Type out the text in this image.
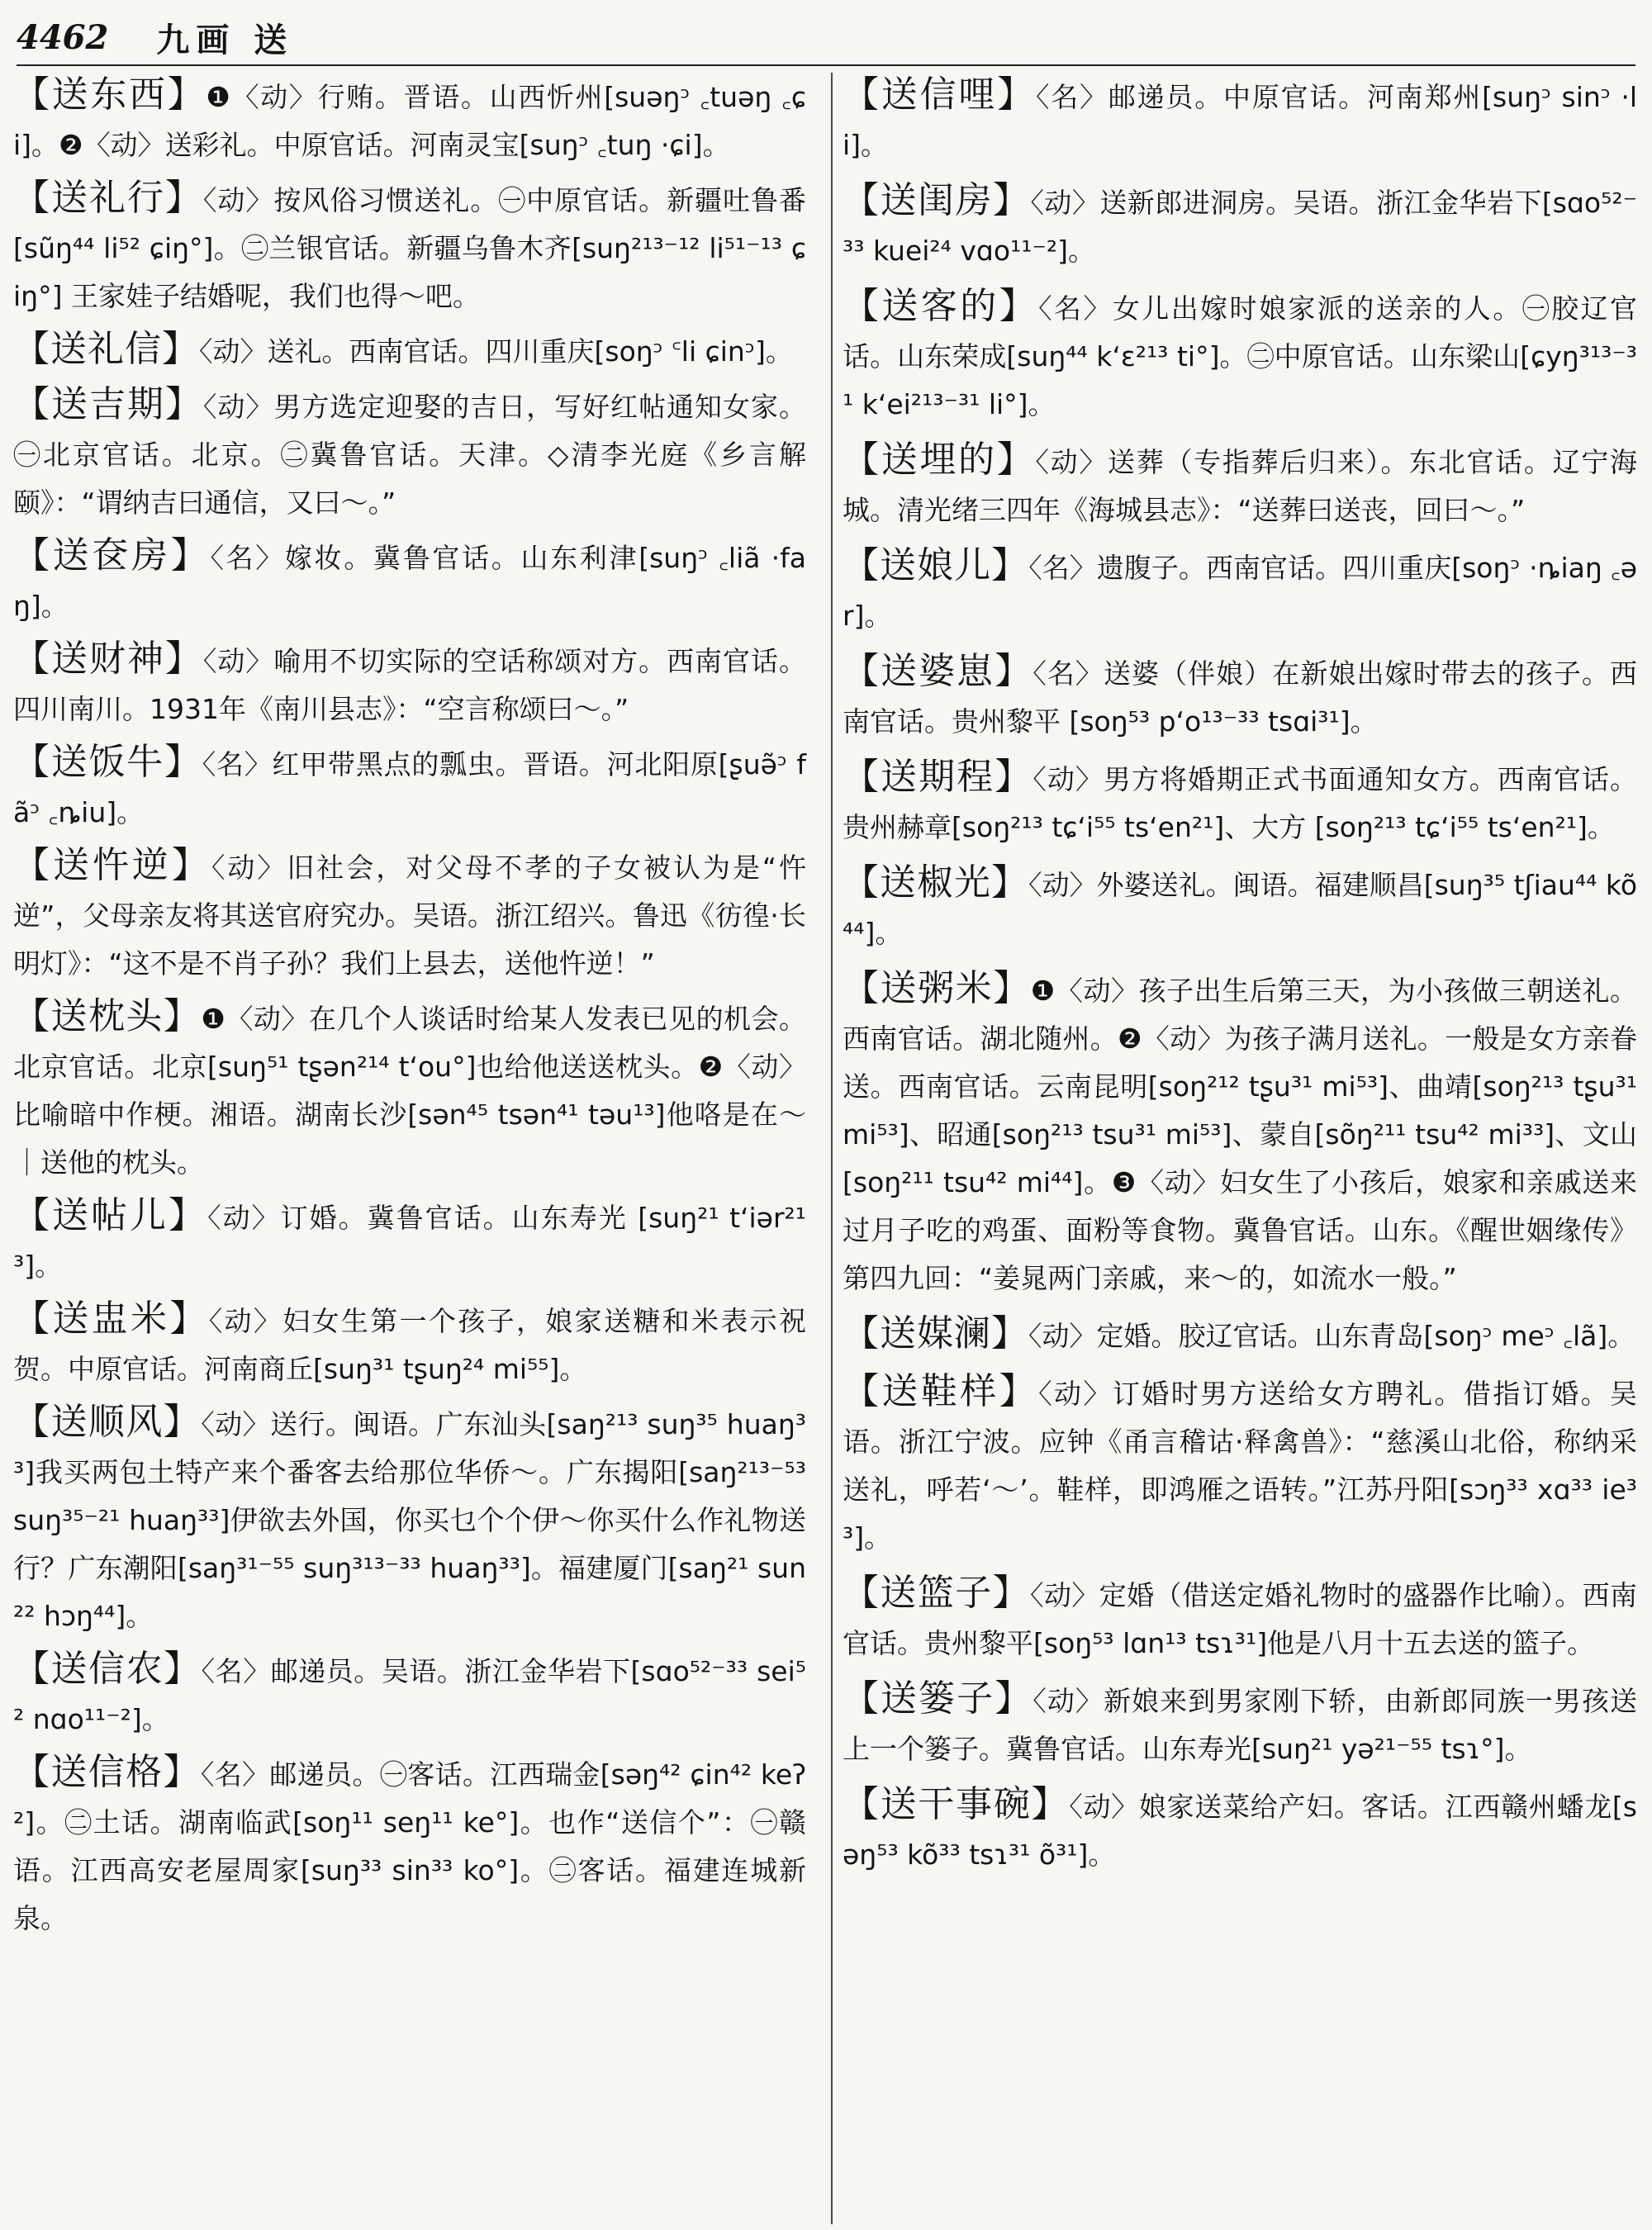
4462 九画 送
【送东西】❶〈动〉行贿。晋语。山西忻州[suəŋᵓ ꜀tuəŋ ꜀ɕi]。❷〈动〉送彩礼。中原官话。河南灵宝[suŋᵓ ꜀tuŋ ·ɕi]。
【送礼行】〈动〉按风俗习惯送礼。㊀中原官话。新疆吐鲁番[sũŋ⁴⁴ li⁵² ɕiŋ°]。㊁兰银官话。新疆乌鲁木齐[suŋ²¹³⁻¹² li⁵¹⁻¹³ ɕiŋ°] 王家娃子结婚呢，我们也得～吧。
【送礼信】〈动〉送礼。西南官话。四川重庆[soŋᵓ ꜂li ɕinᵓ]。
【送吉期】〈动〉男方选定迎娶的吉日，写好红帖通知女家。㊀北京官话。北京。㊁冀鲁官话。天津。◇清李光庭《乡言解颐》：“谓纳吉曰通信，又曰～。”
【送奁房】〈名〉嫁妆。冀鲁官话。山东利津[suŋᵓ ꜀liã ·faŋ]。
【送财神】〈动〉喻用不切实际的空话称颂对方。西南官话。四川南川。1931年《南川县志》：“空言称颂曰～。”
【送饭牛】〈名〉红甲带黑点的瓢虫。晋语。河北阳原[ʂuə̃ᵓ fãᵓ ꜀ȵiu]。
【送忤逆】〈动〉旧社会，对父母不孝的子女被认为是“忤逆”，父母亲友将其送官府究办。吴语。浙江绍兴。鲁迅《彷徨·长明灯》：“这不是不肖子孙？我们上县去，送他忤逆！”
【送枕头】❶〈动〉在几个人谈话时给某人发表已见的机会。北京官话。北京[suŋ⁵¹ tʂən²¹⁴ tʻou°]也给他送送枕头。❷〈动〉比喻暗中作梗。湘语。湖南长沙[sən⁴⁵ tsən⁴¹ təu¹³]他咯是在～｜送他的枕头。
【送帖儿】〈动〉订婚。冀鲁官话。山东寿光 [suŋ²¹ tʻiər²¹³]。
【送盅米】〈动〉妇女生第一个孩子，娘家送糖和米表示祝贺。中原官话。河南商丘[suŋ³¹ tʂuŋ²⁴ mi⁵⁵]。
【送顺风】〈动〉送行。闽语。广东汕头[saŋ²¹³ suŋ³⁵ huaŋ³³]我买两包土特产来个番客去给那位华侨～。广东揭阳[saŋ²¹³⁻⁵³ suŋ³⁵⁻²¹ huaŋ³³]伊欲去外国，你买乜个个伊～你买什么作礼物送行？广东潮阳[saŋ³¹⁻⁵⁵ suŋ³¹³⁻³³ huaŋ³³]。福建厦门[saŋ²¹ sun²² hɔŋ⁴⁴]。
【送信农】〈名〉邮递员。吴语。浙江金华岩下[sɑo⁵²⁻³³ sei⁵² nɑo¹¹⁻²]。
【送信格】〈名〉邮递员。㊀客话。江西瑞金[səŋ⁴² ɕin⁴² keʔ²]。㊁土话。湖南临武[soŋ¹¹ seŋ¹¹ ke°]。也作“送信个”：㊀赣语。江西高安老屋周家[suŋ³³ sin³³ ko°]。㊁客话。福建连城新泉。
【送信哩】〈名〉邮递员。中原官话。河南郑州[suŋᵓ sinᵓ ·li]。
【送闺房】〈动〉送新郎进洞房。吴语。浙江金华岩下[sɑo⁵²⁻³³ kuei²⁴ vɑo¹¹⁻²]。
【送客的】〈名〉女儿出嫁时娘家派的送亲的人。㊀胶辽官话。山东荣成[suŋ⁴⁴ kʻɛ²¹³ ti°]。㊁中原官话。山东梁山[ɕyŋ³¹³⁻³¹ kʻei²¹³⁻³¹ li°]。
【送埋的】〈动〉送葬（专指葬后归来）。东北官话。辽宁海城。清光绪三四年《海城县志》：“送葬曰送丧，回曰～。”
【送娘儿】〈名〉遗腹子。西南官话。四川重庆[soŋᵓ ·ȵiaŋ ꜀ər]。
【送婆崽】〈名〉送婆（伴娘）在新娘出嫁时带去的孩子。西南官话。贵州黎平 [soŋ⁵³ pʻo¹³⁻³³ tsɑi³¹]。
【送期程】〈动〉男方将婚期正式书面通知女方。西南官话。贵州赫章[soŋ²¹³ tɕʻi⁵⁵ tsʻen²¹]、大方 [soŋ²¹³ tɕʻi⁵⁵ tsʻen²¹]。
【送椒光】〈动〉外婆送礼。闽语。福建顺昌[suŋ³⁵ tʃiau⁴⁴ kõ⁴⁴]。
【送粥米】❶〈动〉孩子出生后第三天，为小孩做三朝送礼。西南官话。湖北随州。❷〈动〉为孩子满月送礼。一般是女方亲眷送。西南官话。云南昆明[soŋ²¹² tʂu³¹ mi⁵³]、曲靖[soŋ²¹³ tʂu³¹ mi⁵³]、昭通[soŋ²¹³ tsu³¹ mi⁵³]、蒙自[sõŋ²¹¹ tsu⁴² mi³³]、文山 [soŋ²¹¹ tsu⁴² mi⁴⁴]。❸〈动〉妇女生了小孩后，娘家和亲戚送来过月子吃的鸡蛋、面粉等食物。冀鲁官话。山东。《醒世姻缘传》第四九回：“姜晁两门亲戚，来～的，如流水一般。”
【送媒澜】〈动〉定婚。胶辽官话。山东青岛[soŋᵓ meᵓ ꜀lã]。
【送鞋样】〈动〉订婚时男方送给女方聘礼。借指订婚。吴语。浙江宁波。应钟《甬言稽诂·释禽兽》：“慈溪山北俗，称纳采送礼，呼若‘～’。鞋样，即鸿雁之语转。”江苏丹阳[sɔŋ³³ xɑ³³ ie³³]。
【送篮子】〈动〉定婚（借送定婚礼物时的盛器作比喻）。西南官话。贵州黎平[soŋ⁵³ lɑn¹³ tsɿ³¹]他是八月十五去送的篮子。
【送篓子】〈动〉新娘来到男家刚下轿，由新郎同族一男孩送上一个篓子。冀鲁官话。山东寿光[suŋ²¹ yə²¹⁻⁵⁵ tsɿ°]。
【送干事碗】〈动〉娘家送菜给产妇。客话。江西赣州蟠龙[səŋ⁵³ kõ³³ tsɿ³¹ õ³¹]。
